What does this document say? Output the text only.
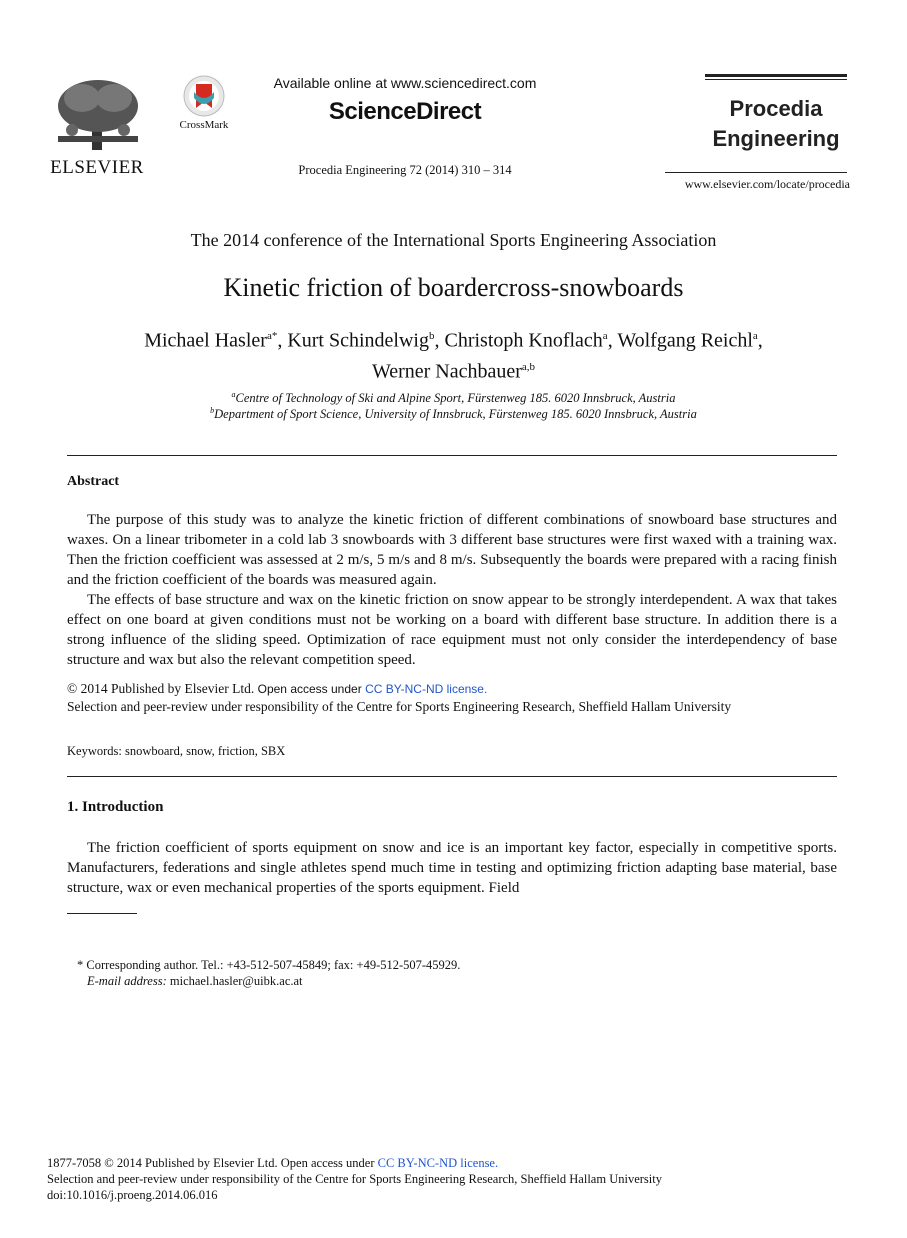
ELSEVIER
CrossMark
Available online at www.sciencedirect.com
ScienceDirect
Procedia Engineering 72 (2014) 310 – 314
Procedia
Engineering
www.elsevier.com/locate/procedia
The 2014 conference of the International Sports Engineering Association
Kinetic friction of boardercross-snowboards
Michael Hasler$^{a*}$, Kurt Schindelwig$^b$, Christoph Knoflach$^a$, Wolfgang Reichl$^a$,
Werner Nachbauer$^{a,b}$
$^a$Centre of Technology of Ski and Alpine Sport, Fürstenweg 185. 6020 Innsbruck, Austria
$^b$Department of Sport Science, University of Innsbruck, Fürstenweg 185. 6020 Innsbruck, Austria
Abstract
The purpose of this study was to analyze the kinetic friction of different combinations of snowboard base structures and waxes. On a linear tribometer in a cold lab 3 snowboards with 3 different base structures were first waxed with a training wax. Then the friction coefficient was assessed at 2 m/s, 5 m/s and 8 m/s. Subsequently the boards were prepared with a racing finish and the friction coefficient of the boards was measured again.
The effects of base structure and wax on the kinetic friction on snow appear to be strongly interdependent. A wax that takes effect on one board at given conditions must not be working on a board with different base structure. In addition there is a strong influence of the sliding speed. Optimization of race equipment must not only consider the interdependency of base structure and wax but also the relevant competition speed.
© 2014 Published by Elsevier Ltd. Open access under CC BY-NC-ND license.
Selection and peer-review under responsibility of the Centre for Sports Engineering Research, Sheffield Hallam University
Keywords: snowboard, snow, friction, SBX
1. Introduction
The friction coefficient of sports equipment on snow and ice is an important key factor, especially in competitive sports. Manufacturers, federations and single athletes spend much time in testing and optimizing friction adapting base material, base structure, wax or even mechanical properties of the sports equipment. Field
* Corresponding author. Tel.: +43-512-507-45849; fax: +49-512-507-45929.
E-mail address: michael.hasler@uibk.ac.at
1877-7058 © 2014 Published by Elsevier Ltd. Open access under CC BY-NC-ND license.
Selection and peer-review under responsibility of the Centre for Sports Engineering Research, Sheffield Hallam University
doi:10.1016/j.proeng.2014.06.016
